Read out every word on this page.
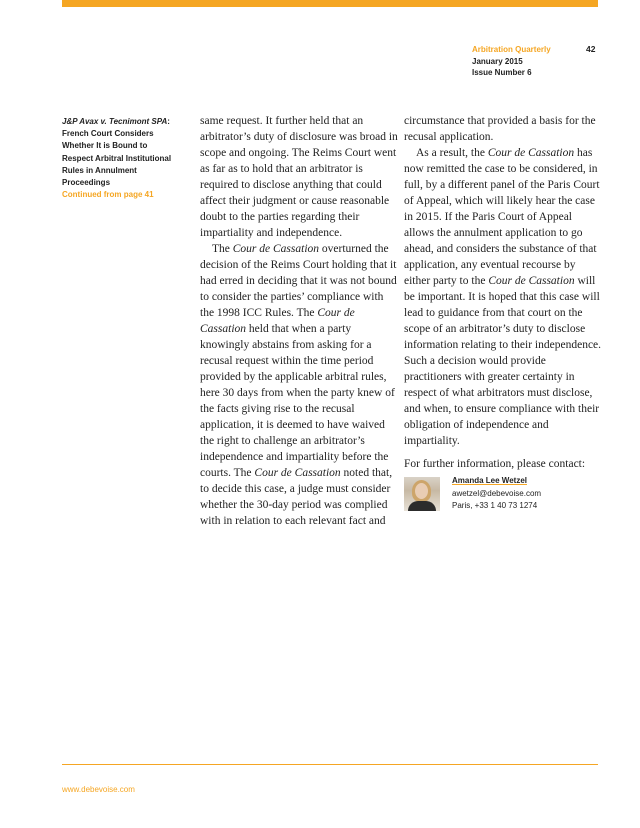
Arbitration Quarterly
January 2015
Issue Number 6
42
J&P Avax v. Tecnimont SPA: French Court Considers Whether It is Bound to Respect Arbitral Institutional Rules in Annulment Proceedings
Continued from page 41

same request. It further held that an arbitrator’s duty of disclosure was broad in scope and ongoing. The Reims Court went as far as to hold that an arbitrator is required to disclose anything that could affect their judgment or cause reasonable doubt to the parties regarding their impartiality and independence.

The Cour de Cassation overturned the decision of the Reims Court holding that it had erred in deciding that it was not bound to consider the parties’ compliance with the 1998 ICC Rules. The Cour de Cassation held that when a party knowingly abstains from asking for a recusal request within the time period provided by the applicable arbitral rules, here 30 days from when the party knew of the facts giving rise to the recusal application, it is deemed to have waived the right to challenge an arbitrator’s independence and impartiality before the courts. The Cour de Cassation noted that, to decide this case, a judge must consider whether the 30-day period was complied with in relation to each relevant fact and

circumstance that provided a basis for the recusal application.

As a result, the Cour de Cassation has now remitted the case to be considered, in full, by a different panel of the Paris Court of Appeal, which will likely hear the case in 2015. If the Paris Court of Appeal allows the annulment application to go ahead, and considers the substance of that application, any eventual recourse by either party to the Cour de Cassation will be important. It is hoped that this case will lead to guidance from that court on the scope of an arbitrator’s duty to disclose information relating to their independence. Such a decision would provide practitioners with greater certainty in respect of what arbitrators must disclose, and when, to ensure compliance with their obligation of independence and impartiality.

For further information, please contact:

Amanda Lee Wetzel
awetzel@debevoise.com
Paris, +33 1 40 73 1274
www.debevoise.com
